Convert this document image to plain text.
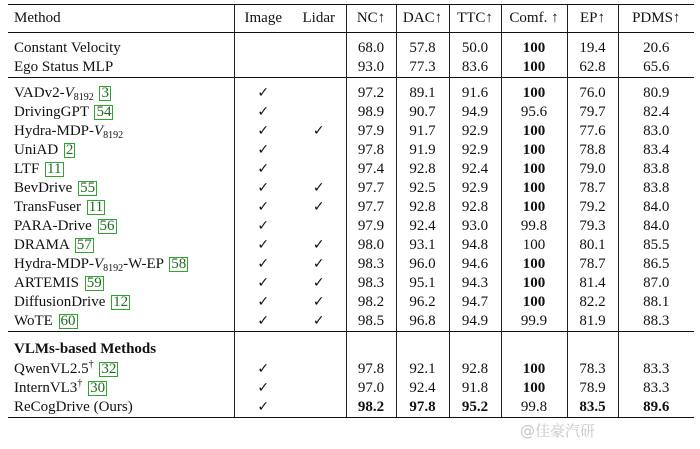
Method	Image	Lidar	NC↑	DAC↑	TTC↑	Comf. ↑	EP↑	PDMS↑

Constant Velocity			68.0	57.8	50.0	100	19.4	20.6
Ego Status MLP			93.0	77.3	83.6	100	62.8	65.6

$VADv2-V_{8192}$ 3	✓		97.2	89.1	91.6	100	76.0	80.9
DrivingGPT 54	✓		98.9	90.7	94.9	95.6	79.7	82.4
Hydra-$MDP-V_{8192}$	✓	✓	97.9	91.7	92.9	100	77.6	83.0
UniAD 2	✓		97.8	91.9	92.9	100	78.8	83.4
LTF 11	✓		97.4	92.8	92.4	100	79.0	83.8
BevDrive 55	✓	✓	97.7	92.5	92.9	100	78.7	83.8
TransFuser 11	✓	✓	97.7	92.8	92.8	100	79.2	84.0
PARA-Drive 56	✓		97.9	92.4	93.0	99.8	79.3	84.0
DRAMA 57	✓	✓	98.0	93.1	94.8	100	80.1	85.5
Hydra-$MDP-V_{8192}-W-EP$ 58	✓	✓	98.3	96.0	94.6	100	78.7	86.5
ARTEMIS 59	✓	✓	98.3	95.1	94.3	100	81.4	87.0
DiffusionDrive 12	✓	✓	98.2	96.2	94.7	100	82.2	88.1
WoTE 60	✓	✓	98.5	96.8	94.9	99.9	81.9	88.3

VLMs-based Methods								
QwenVL2.5† 32	✓		97.8	92.1	92.8	100	78.3	83.3
InternVL3† 30	✓		97.0	92.4	91.8	100	78.9	83.3
ReCogDrive (Ours)	✓		98.2	97.8	95.2	99.8	83.5	89.6
@佳豪汽研
